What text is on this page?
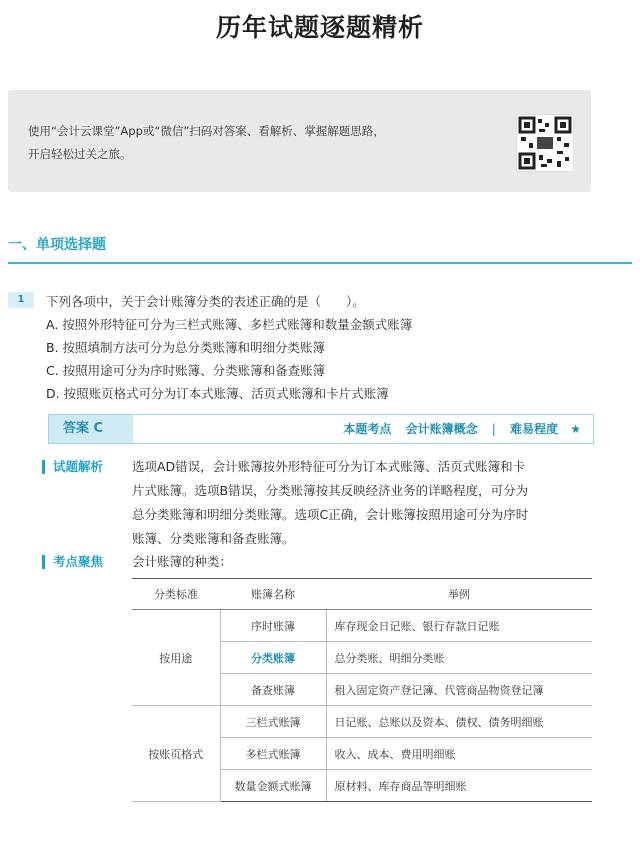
历年试题逐题精析
使用“会计云课堂”App或“微信”扫码对答案、看解析、掌握解题思路，
开启轻松过关之旅。
一、单项选择题
1	下列各项中，关于会计账簿分类的表述正确的是（　　）。
A. 按照外形特征可分为三栏式账簿、多栏式账簿和数量金额式账簿
B. 按照填制方法可分为总分类账簿和明细分类账簿
C. 按照用途可分为序时账簿、分类账簿和备查账簿
D. 按照账页格式可分为订本式账簿、活页式账簿和卡片式账簿
答案 C	本题考点 会计账簿概念 | 难易程度 ★
试题解析 选项AD错误，会计账簿按外形特征可分为订本式账簿、活页式账簿和卡
片式账簿。选项B错误，分类账簿按其反映经济业务的详略程度，可分为
总分类账簿和明细分类账簿。选项C正确，会计账簿按照用途可分为序时
账簿、分类账簿和备查账簿。
考点聚焦 会计账簿的种类：
分类标准	账簿名称	举例
按用途	序时账簿	库存现金日记账、银行存款日记账
	分类账簿	总分类账、明细分类账
	备查账簿	租入固定资产登记簿、代管商品物资登记簿
按账页格式	三栏式账簿	日记账、总账以及资本、债权、债务明细账
	多栏式账簿	收入、成本、费用明细账
	数量金额式账簿	原材料、库存商品等明细账
